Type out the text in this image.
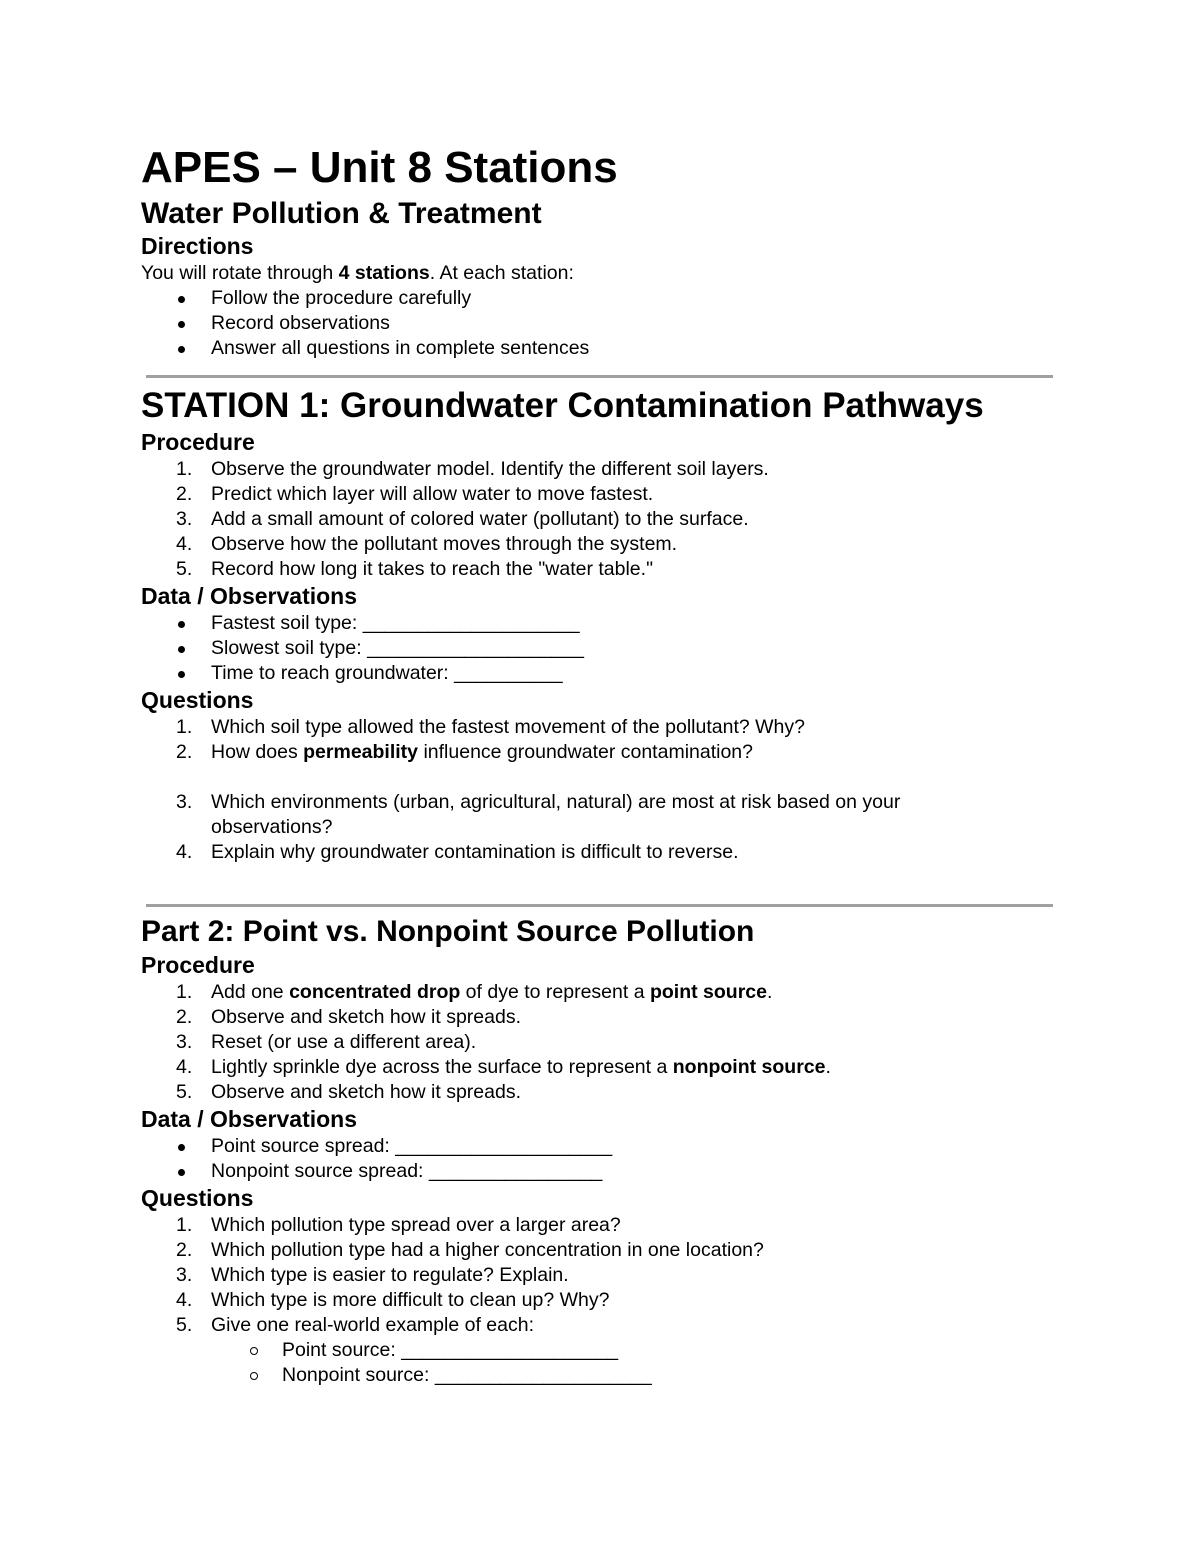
APES – Unit 8 Stations
Water Pollution & Treatment
Directions

You will rotate through 4 stations. At each station:

Follow the procedure carefully
Record observations
Answer all questions in complete sentences
STATION 1: Groundwater Contamination Pathways
Procedure
1. Observe the groundwater model. Identify the different soil layers.
2. Predict which layer will allow water to move fastest.
3. Add a small amount of colored water (pollutant) to the surface.
4. Observe how the pollutant moves through the system.
5. Record how long it takes to reach the "water table."
Data / Observations
Fastest soil type: ____________________
Slowest soil type: ____________________
Time to reach groundwater: __________
Questions
1. Which soil type allowed the fastest movement of the pollutant? Why?
2. How does permeability influence groundwater contamination?
3. Which environments (urban, agricultural, natural) are most at risk based on your observations?
4. Explain why groundwater contamination is difficult to reverse.
Part 2: Point vs. Nonpoint Source Pollution
Procedure
1. Add one concentrated drop of dye to represent a point source.
2. Observe and sketch how it spreads.
3. Reset (or use a different area).
4. Lightly sprinkle dye across the surface to represent a nonpoint source.
5. Observe and sketch how it spreads.
Data / Observations
Point source spread: ____________________
Nonpoint source spread: ________________
Questions
1. Which pollution type spread over a larger area?
2. Which pollution type had a higher concentration in one location?
3. Which type is easier to regulate? Explain.
4. Which type is more difficult to clean up? Why?
5. Give one real-world example of each:
Point source: ____________________
Nonpoint source: ____________________
